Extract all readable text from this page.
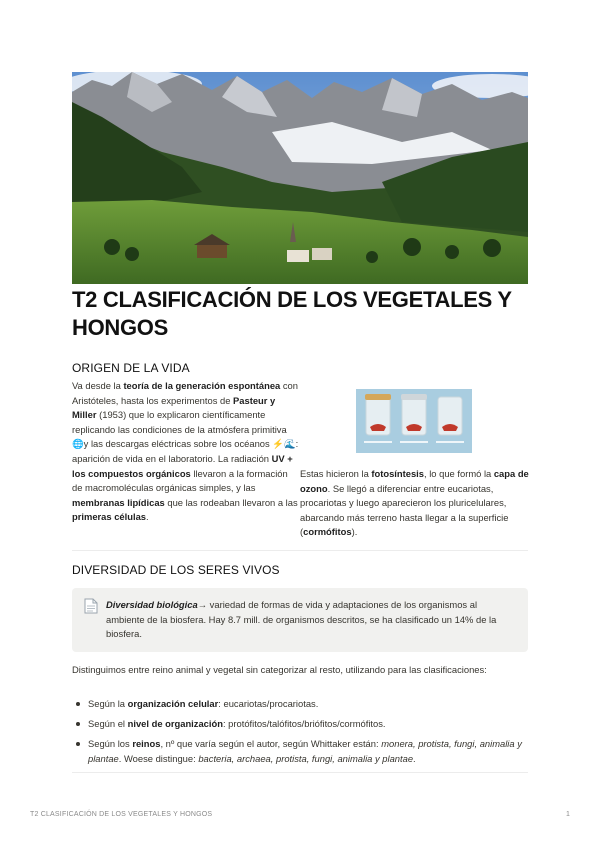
T2 CLASIFICACIÓN DE LOS VEGETALES Y HONGOS
ORIGEN DE LA VIDA
Va desde la teoría de la generación espontánea con Aristóteles, hasta los experimentos de Pasteur y Miller (1953) que lo explicaron científicamente replicando las condiciones de la atmósfera primitiva 🌐y las descargas eléctricas sobre los océanos ⚡🌊: aparición de vida en el laboratorio. La radiación UV + los compuestos orgánicos llevaron a la formación de macromoléculas orgánicas simples, y las membranas lipídicas que las rodeaban llevaron a las primeras células.
Estas hicieron la fotosíntesis, lo que formó la capa de ozono. Se llegó a diferenciar entre eucariotas, procariotas y luego aparecieron los pluricelulares, abarcando más terreno hasta llegar a la superficie (cormófitos).
DIVERSIDAD DE LOS SERES VIVOS
Diversidad biológica→ variedad de formas de vida y adaptaciones de los organismos al ambiente de la biosfera. Hay 8.7 mill. de organismos descritos, se ha clasificado un 14% de la biosfera.
Distinguimos entre reino animal y vegetal sin categorizar al resto, utilizando para las clasificaciones:
Según la organización celular: eucariotas/procariotas.
Según el nivel de organización: protófitos/talófitos/briófitos/cormófitos.
Según los reinos, nº que varía según el autor, según Whittaker están: monera, protista, fungi, animalia y plantae. Woese distingue: bacteria, archaea, protista, fungi, animalia y plantae.
T2 CLASIFICACIÓN DE LOS VEGETALES Y HONGOS	1
